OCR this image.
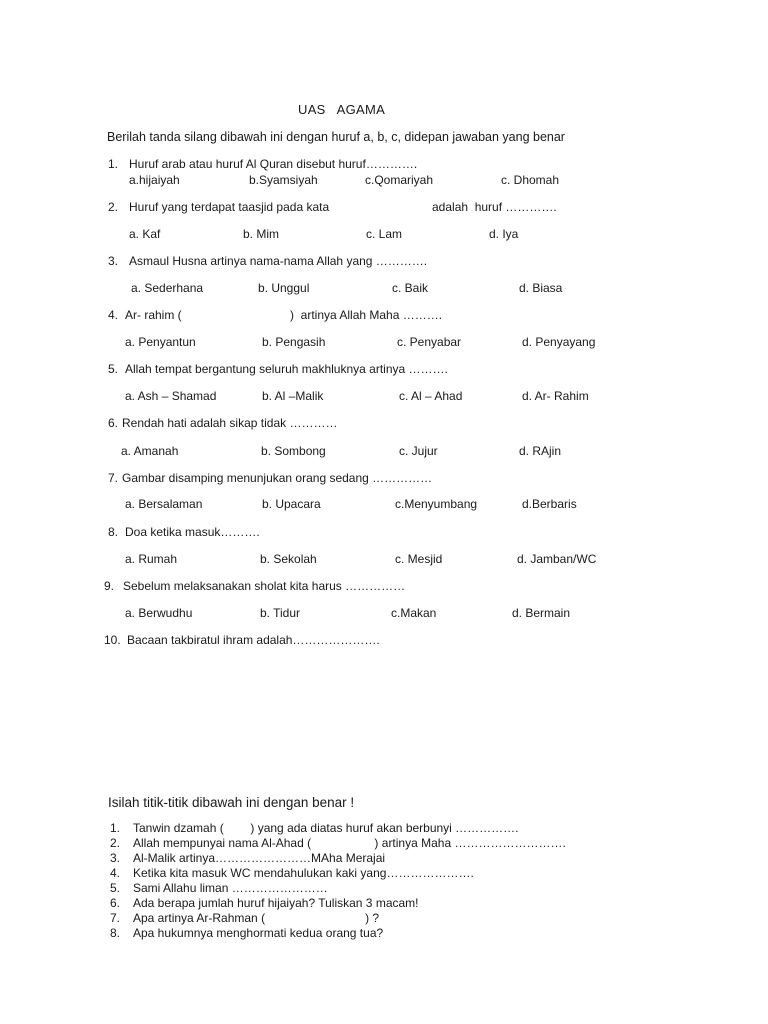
UAS   AGAMA
Berilah tanda silang dibawah ini dengan huruf a, b, c, didepan jawaban yang benar
1. Huruf arab atau huruf Al Quran disebut huruf………….
a.hijaiyah	b.Syamsiyah	c.Qomariyah	c. Dhomah
2. Huruf yang terdapat taasjid pada kata	adalah  huruf ………….
a. Kaf	b. Mim	c. Lam	d. Iya
3. Asmaul Husna artinya nama-nama Allah yang ………….
a. Sederhana	b. Unggul	c. Baik	d. Biasa
4. Ar- rahim (	)  artinya Allah Maha ……….
a. Penyantun	b. Pengasih	c. Penyabar	d. Penyayang
5. Allah tempat bergantung seluruh makhluknya artinya ……….
a. Ash – Shamad	b. Al –Malik	c. Al – Ahad	d. Ar- Rahim
6. Rendah hati adalah sikap tidak …………
a. Amanah	b. Sombong	c. Jujur	d. RAjin
7. Gambar disamping menunjukan orang sedang ……………
a. Bersalaman	b. Upacara	c.Menyumbang	d.Berbaris
8. Doa ketika masuk……….
a. Rumah	b. Sekolah	c. Mesjid	d. Jamban/WC
9. Sebelum melaksanakan sholat kita harus ……………
a. Berwudhu	b. Tidur	c.Makan	d. Bermain
10. Bacaan takbiratul ihram adalah………………….
Isilah titik-titik dibawah ini dengan benar !
1. Tanwin dzamah (        ) yang ada diatas huruf akan berbunyi …………….
2. Allah mempunyai nama Al-Ahad (                   ) artinya Maha ……………………….
3. Al-Malik artinya……………………MAha Merajai
4. Ketika kita masuk WC mendahulukan kaki yang………………….
5. Sami Allahu liman ……………………
6. Ada berapa jumlah huruf hijaiyah? Tuliskan 3 macam!
7. Apa artinya Ar-Rahman (                              ) ?
8. Apa hukumnya menghormati kedua orang tua?
